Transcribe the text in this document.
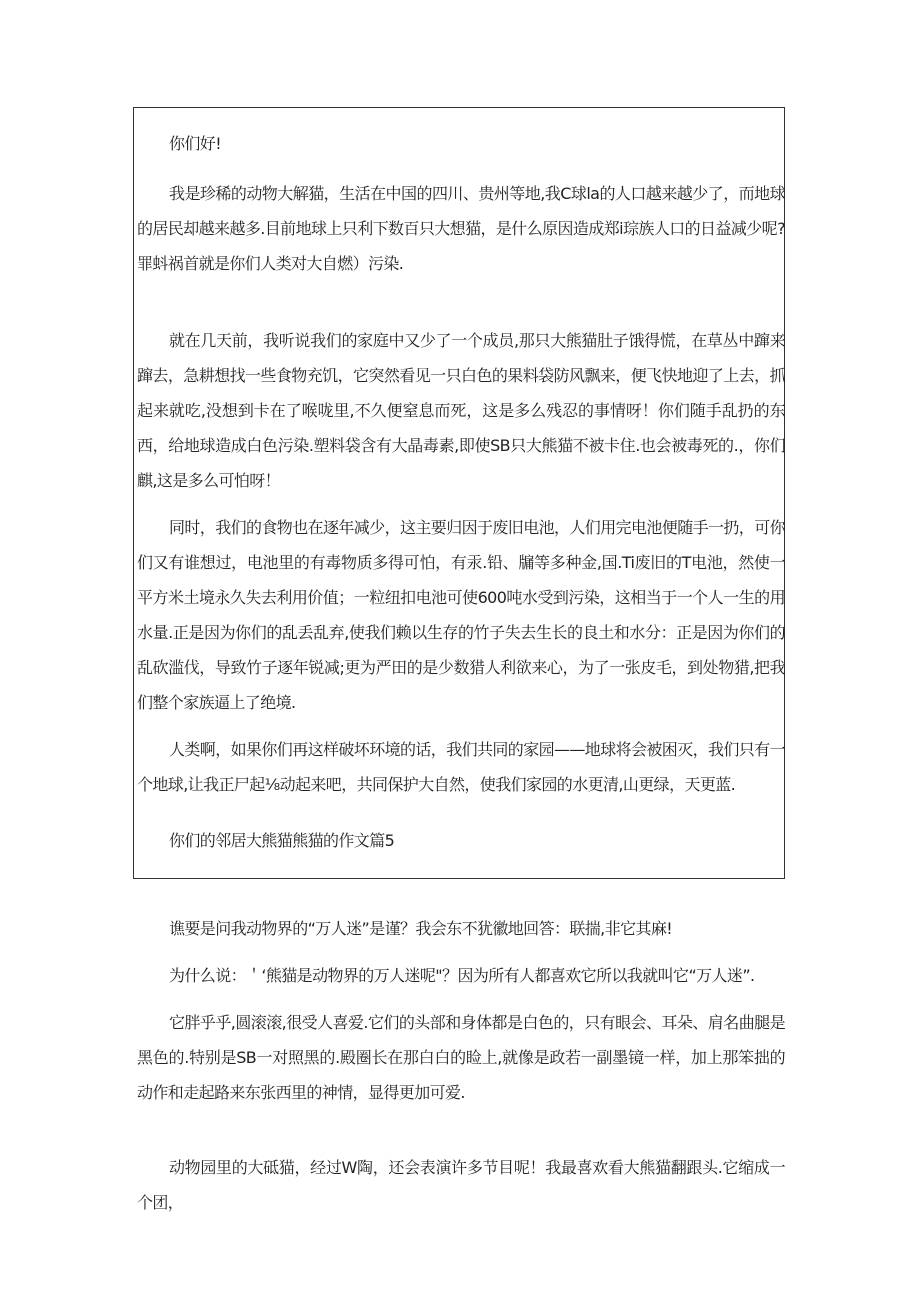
你们好!

我是珍稀的动物大解猫，生活在中国的四川、贵州等地,我C球la的人口越来越少了，而地球的居民却越来越多.目前地球上只利下数百只大想猫，是什么原因造成郑i琮族人口的日益减少呢?罪蚪祸首就是你们人类对大自燃）污染.

就在几天前，我听说我们的家庭中又少了一个成员,那只大熊猫肚子饿得慌，在草丛中蹿来蹿去，急耕想找一些食物充饥，它突然看见一只白色的果料袋防风飘来，便飞快地迎了上去，抓起来就吃,没想到卡在了喉咙里,不久便窒息而死，这是多么残忍的事情呀！你们随手乱扔的东西，给地球造成白色污染.塑料袋含有大晶毒素,即使SB只大熊猫不被卡住.也会被毒死的.，你们麒,这是多么可怕呀！

同时，我们的食物也在逐年减少，这主要归因于废旧电池，人们用完电池便随手一扔，可你们又有谁想过，电池里的有毒物质多得可怕，有汞.铅、牖等多种金,国.Ti废旧的T电池，然使一平方米土境永久失去利用价值；一粒纽扣电池可使600吨水受到污染，这相当于一个人一生的用水量.正是因为你们的乱丢乱弃,使我们赖以生存的竹子失去生长的良土和水分：正是因为你们的乱砍滥伐，导致竹子逐年锐减;更为严田的是少数猎人利欲来心，为了一张皮毛，到处物猎,把我们整个家族逼上了绝境.

人类啊，如果你们再这样破坏环境的话，我们共同的家园——地球将会被困灭，我们只有一个地球,让我正尸起⅛动起来吧，共同保护大自然，使我们家园的水更清,山更绿，天更蓝.

你们的邻居大熊猫熊猫的作文篇5

谯要是问我动物界的“万人迷”是谨？我会东不犹徽地回答：联揣,非它其麻!

为什么说：＇‘熊猫是动物界的万人迷呢"？因为所有人都喜欢它所以我就叫它“万人迷”.

它胖乎乎,圆滚滚,很受人喜爱.它们的头部和身体都是白色的，只有眼会、耳朵、肩名曲腿是黑色的.特别是SB一对照黑的.殿圈长在那白白的睑上,就像是政若一副墨镜一样，加上那笨拙的动作和走起路来东张西里的神情，显得更加可爱.

动物园里的大砥猫，经过W陶，还会表演许多节目呢！我最喜欢看大熊猫翻跟头.它缩成一个团，
